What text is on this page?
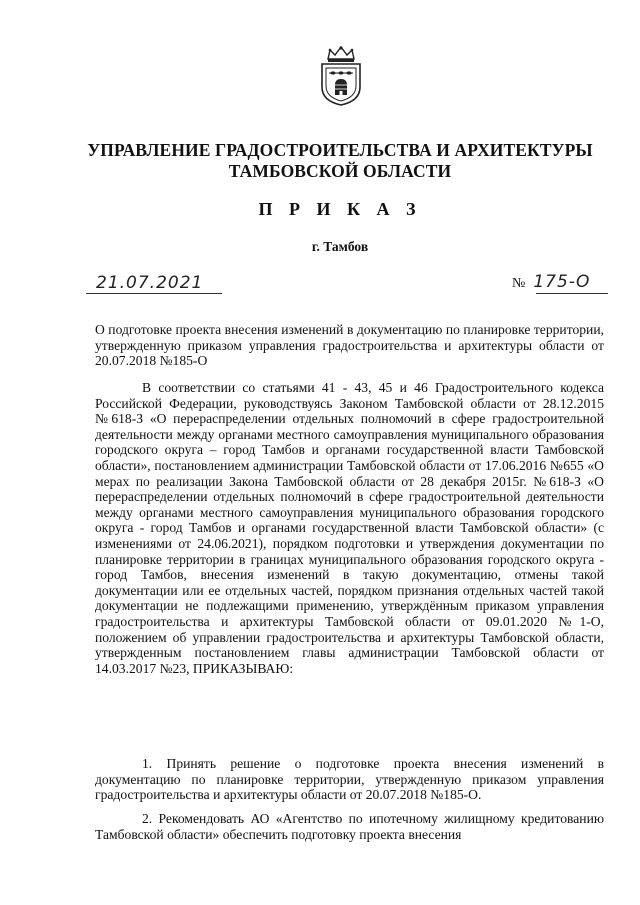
УПРАВЛЕНИЕ ГРАДОСТРОИТЕЛЬСТВА И АРХИТЕКТУРЫ
ТАМБОВСКОЙ ОБЛАСТИ
П Р И К А З
г. Тамбов
21.07.2021	№ 175-О
О подготовке проекта внесения изменений в документацию по планировке территории, утвержденную приказом управления градостроительства и архитектуры области от 20.07.2018 №185-О
В соответствии со статьями 41 - 43, 45 и 46 Градостроительного кодекса Российской Федерации, руководствуясь Законом Тамбовской области от 28.12.2015 №618-З «О перераспределении отдельных полномочий в сфере градостроительной деятельности между органами местного самоуправления муниципального образования городского округа – город Тамбов и органами государственной власти Тамбовской области», постановлением администрации Тамбовской области от 17.06.2016 №655 «О мерах по реализации Закона Тамбовской области от 28 декабря 2015г. №618-З «О перераспределении отдельных полномочий в сфере градостроительной деятельности между органами местного самоуправления муниципального образования городского округа - город Тамбов и органами государственной власти Тамбовской области» (с изменениями от 24.06.2021), порядком подготовки и утверждения документации по планировке территории в границах муниципального образования городского округа - город Тамбов, внесения изменений в такую документацию, отмены такой документации или ее отдельных частей, порядком признания отдельных частей такой документации не подлежащими применению, утверждённым приказом управления градостроительства и архитектуры Тамбовской области от 09.01.2020 №1-О, положением об управлении градостроительства и архитектуры Тамбовской области, утвержденным постановлением главы администрации Тамбовской области от 14.03.2017 №23, ПРИКАЗЫВАЮ:
1. Принять решение о подготовке проекта внесения изменений в документацию по планировке территории, утвержденную приказом управления градостроительства и архитектуры области от 20.07.2018 №185-О.
2. Рекомендовать АО «Агентство по ипотечному жилищному кредитованию Тамбовской области» обеспечить подготовку проекта внесения
